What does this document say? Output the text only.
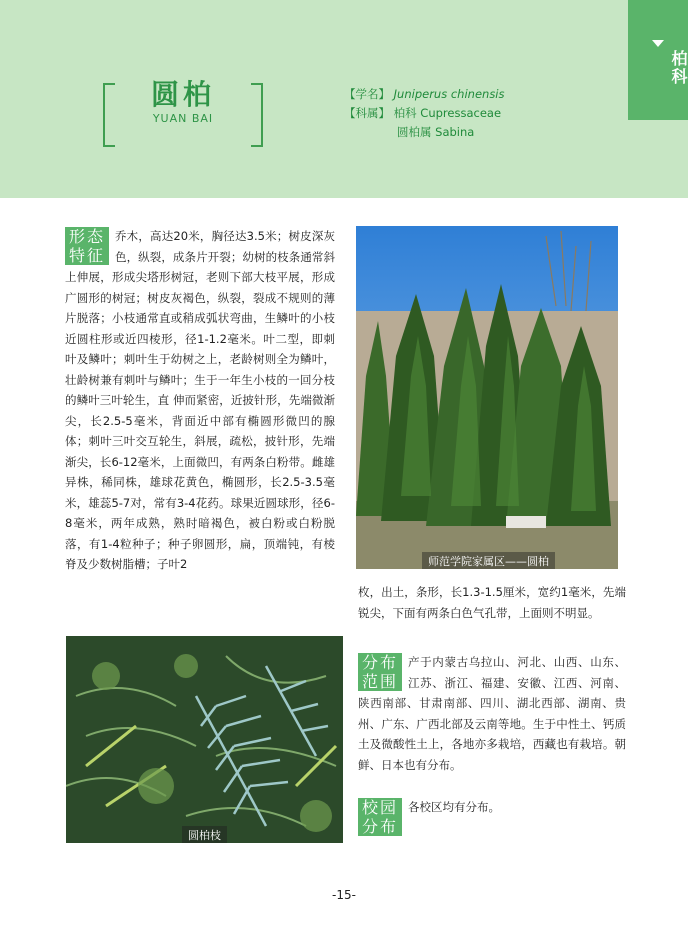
柏科
圆柏
YUAN BAI
【学名】 Juniperus chinensis
【科属】 柏科 Cupressaceae
圆柏属 Sabina
形态
特征
乔木，高达20米，胸径达3.5米；树皮深灰色，纵裂，成条片开裂；幼树的枝条通常斜上伸展，形成尖塔形树冠，老则下部大枝平展，形成广圆形的树冠；树皮灰褐色，纵裂，裂成不规则的薄片脱落；小枝通常直或稍成弧状弯曲，生鳞叶的小枝近圆柱形或近四棱形，径1-1.2毫米。叶二型，即刺叶及鳞叶；刺叶生于幼树之上，老龄树则全为鳞叶，壮龄树兼有刺叶与鳞叶；生于一年生小枝的一回分枝的鳞叶三叶轮生，直 伸而紧密，近披针形，先端微渐尖，长2.5-5毫米，背面近中部有椭圆形微凹的腺体；刺叶三叶交互轮生，斜展，疏松，披针形，先端渐尖，长6-12毫米，上面微凹，有两条白粉带。雌雄异株，稀同株，雄球花黄色，椭圆形，长2.5-3.5毫米，雄蕊5-7对，常有3-4花药。球果近圆球形，径6-8毫米，两年成熟，熟时暗褐色，被白粉或白粉脱落，有1-4粒种子；种子卵圆形，扁，顶端钝，有棱脊及少数树脂槽；子叶2	师范学院家属区——圆柏
枚，出土，条形，长1.3-1.5厘米，宽约1毫米，先端锐尖，下面有两条白色气孔带，上面则不明显。
圆柏枝
分布
范围
产于内蒙古乌拉山、河北、山西、山东、江苏、浙江、福建、安徽、江西、河南、陕西南部、甘肃南部、四川、湖北西部、湖南、贵州、广东、广西北部及云南等地。生于中性土、钙质土及微酸性土上，各地亦多栽培，西藏也有栽培。朝鲜、日本也有分布。
校园
分布
各校区均有分布。
-15-
